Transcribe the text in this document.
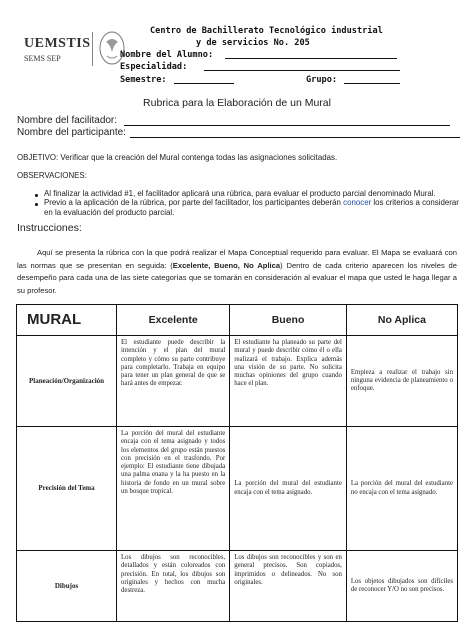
UEMSTIS
SEMS SEP
Centro de Bachillerato Tecnológico industrial
y de servicios No. 205
Nombre del Alumno:
Especialidad:
Semestre:	Grupo:
Rubrica para la Elaboración de un Mural
Nombre del facilitador:
Nombre del participante:
OBJETIVO: Verificar que la creación del Mural contenga todas las asignaciones solicitadas.
OBSERVACIONES:
Al finalizar la actividad #1, el facilitador aplicará una rúbrica, para evaluar el producto parcial denominado Mural.
Previo a la aplicación de la rúbrica, por parte del facilitador, los participantes deberán conocer los criterios a considerar en la evaluación del producto parcial.
Instrucciones:
Aquí se presenta la rúbrica con la que podrá realizar el Mapa Conceptual requerido para evaluar. El Mapa se evaluará con las normas que se presentan en seguida: (Excelente, Bueno, No Aplica) Dentro de cada criterio aparecen los niveles de desempeño para cada una de las siete categorías que se tomarán en consideración al evaluar el mapa que usted le haga llegar a su profesor.
MURAL	Excelente	Bueno	No Aplica
Planeación/Organización	El estudiante puede describir la intención y el plan del mural completo y cómo su parte contribuye para completarlo. Trabaja en equipo para tener un plan general de que se hará antes de empezar.	El estudiante ha planeado su parte del mural y puede describir cómo él o ella realizará el trabajo. Explica además una visión de su parte. No solicita muchas opiniones del grupo cuando hace el plan.	Empieza a realizar el trabajo sin ninguna evidencia de planeamiento o enfoque.
Precisión del Tema	La porción del mural del estudiante encaja con el tema asignado y todos los elementos del grupo están puestos con precisión en el trasfondo. Por ejemplo: El estudiante tiene dibujada una palma enana y la ha puesto en la historia de fondo en un mural sobre un bosque tropical.	La porción del mural del estudiante encaja con el tema asignado.	La porción del mural del estudiante no encaja con el tema asignado.
Dibujos	Los dibujos son reconocibles, detallados y están coloreados con precisión. En total, los dibujos son originales y hechos con mucha destreza.	Los dibujos son reconocibles y son en general precisos. Son copiados, imprimidos o delineados. No son originales.	Los objetos dibujados son difíciles de reconocer Y/O no son precisos.
